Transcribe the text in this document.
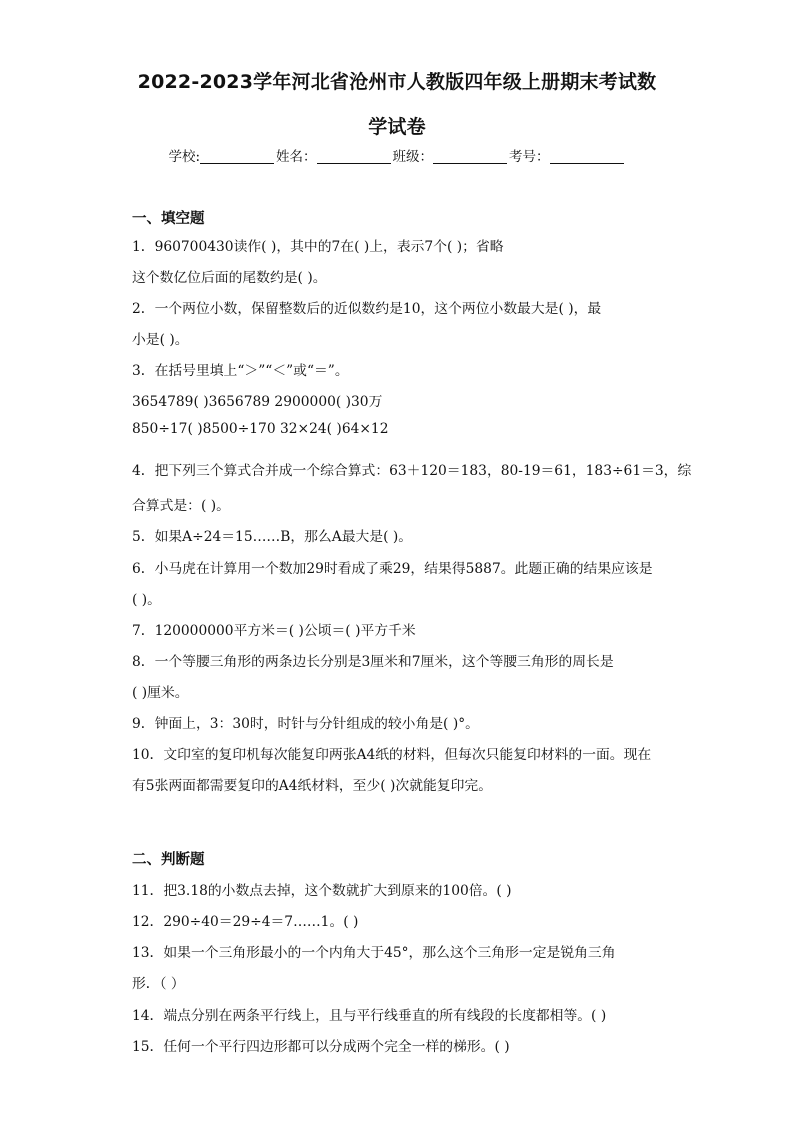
2022-2023学年河北省沧州市人教版四年级上册期末考试数
学试卷
学校:	姓名：	班级：	考号：
一、填空题
1．960700430读作( )，其中的7在( )上，表示7个( )；省略
这个数亿位后面的尾数约是( )。
2．一个两位小数，保留整数后的近似数约是10，这个两位小数最大是( )，最
小是( )。
3．在括号里填上“＞”“＜”或“＝”。
3654789( )3656789 2900000( )30万
850÷17( )8500÷170 32×24( )64×12
4．把下列三个算式合并成一个综合算式：63＋120＝183，80-19＝61，183÷61＝3，综
合算式是：( )。
5．如果A÷24＝15……B，那么A最大是( )。
6．小马虎在计算用一个数加29时看成了乘29，结果得5887。此题正确的结果应该是
( )。
7．120000000平方米＝( )公顷＝( )平方千米
8．一个等腰三角形的两条边长分别是3厘米和7厘米，这个等腰三角形的周长是
( )厘米。
9．钟面上，3：30时，时针与分针组成的较小角是( )°。
10．文印室的复印机每次能复印两张A4纸的材料，但每次只能复印材料的一面。现在
有5张两面都需要复印的A4纸材料，至少( )次就能复印完。
二、判断题
11．把3.18的小数点去掉，这个数就扩大到原来的100倍。( )
12．290÷40＝29÷4＝7……1。( )
13．如果一个三角形最小的一个内角大于45°，那么这个三角形一定是锐角三角
形．（ ）
14．端点分别在两条平行线上，且与平行线垂直的所有线段的长度都相等。( )
15．任何一个平行四边形都可以分成两个完全一样的梯形。( )
